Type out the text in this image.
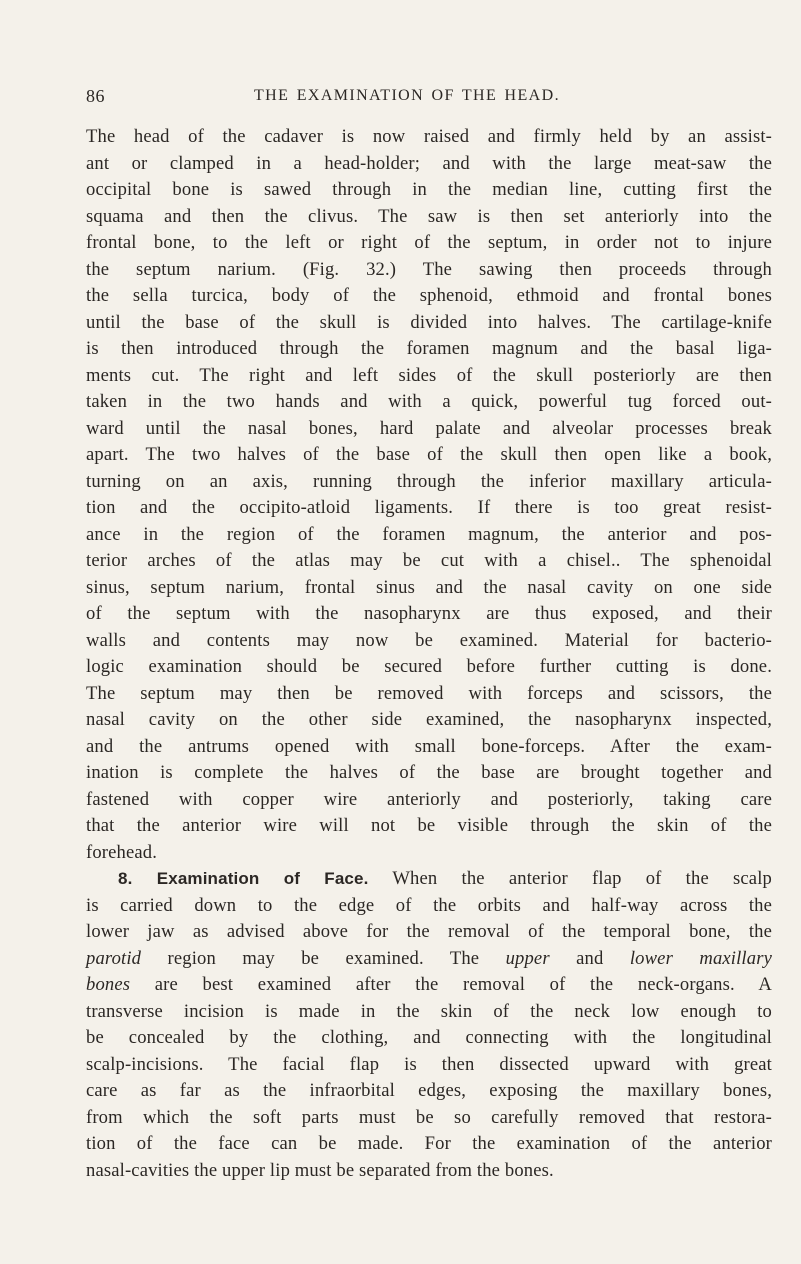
86	THE EXAMINATION OF THE HEAD.
The head of the cadaver is now raised and firmly held by an assist-
ant or clamped in a head-holder; and with the large meat-saw the
occipital bone is sawed through in the median line, cutting first the
squama and then the clivus. The saw is then set anteriorly into the
frontal bone, to the left or right of the septum, in order not to injure
the septum narium. (Fig. 32.) The sawing then proceeds through
the sella turcica, body of the sphenoid, ethmoid and frontal bones
until the base of the skull is divided into halves. The cartilage-knife
is then introduced through the foramen magnum and the basal liga-
ments cut. The right and left sides of the skull posteriorly are then
taken in the two hands and with a quick, powerful tug forced out-
ward until the nasal bones, hard palate and alveolar processes break
apart. The two halves of the base of the skull then open like a book,
turning on an axis, running through the inferior maxillary articula-
tion and the occipito-atloid ligaments. If there is too great resist-
ance in the region of the foramen magnum, the anterior and pos-
terior arches of the atlas may be cut with a chisel.. The sphenoidal
sinus, septum narium, frontal sinus and the nasal cavity on one side
of the septum with the nasopharynx are thus exposed, and their
walls and contents may now be examined. Material for bacterio-
logic examination should be secured before further cutting is done.
The septum may then be removed with forceps and scissors, the
nasal cavity on the other side examined, the nasopharynx inspected,
and the antrums opened with small bone-forceps. After the exam-
ination is complete the halves of the base are brought together and
fastened with copper wire anteriorly and posteriorly, taking care
that the anterior wire will not be visible through the skin of the
forehead.
8. Examination of Face. When the anterior flap of the scalp
is carried down to the edge of the orbits and half-way across the
lower jaw as advised above for the removal of the temporal bone, the
parotid region may be examined. The upper and lower maxillary
bones are best examined after the removal of the neck-organs. A
transverse incision is made in the skin of the neck low enough to
be concealed by the clothing, and connecting with the longitudinal
scalp-incisions. The facial flap is then dissected upward with great
care as far as the infraorbital edges, exposing the maxillary bones,
from which the soft parts must be so carefully removed that restora-
tion of the face can be made. For the examination of the anterior
nasal-cavities the upper lip must be separated from the bones.
